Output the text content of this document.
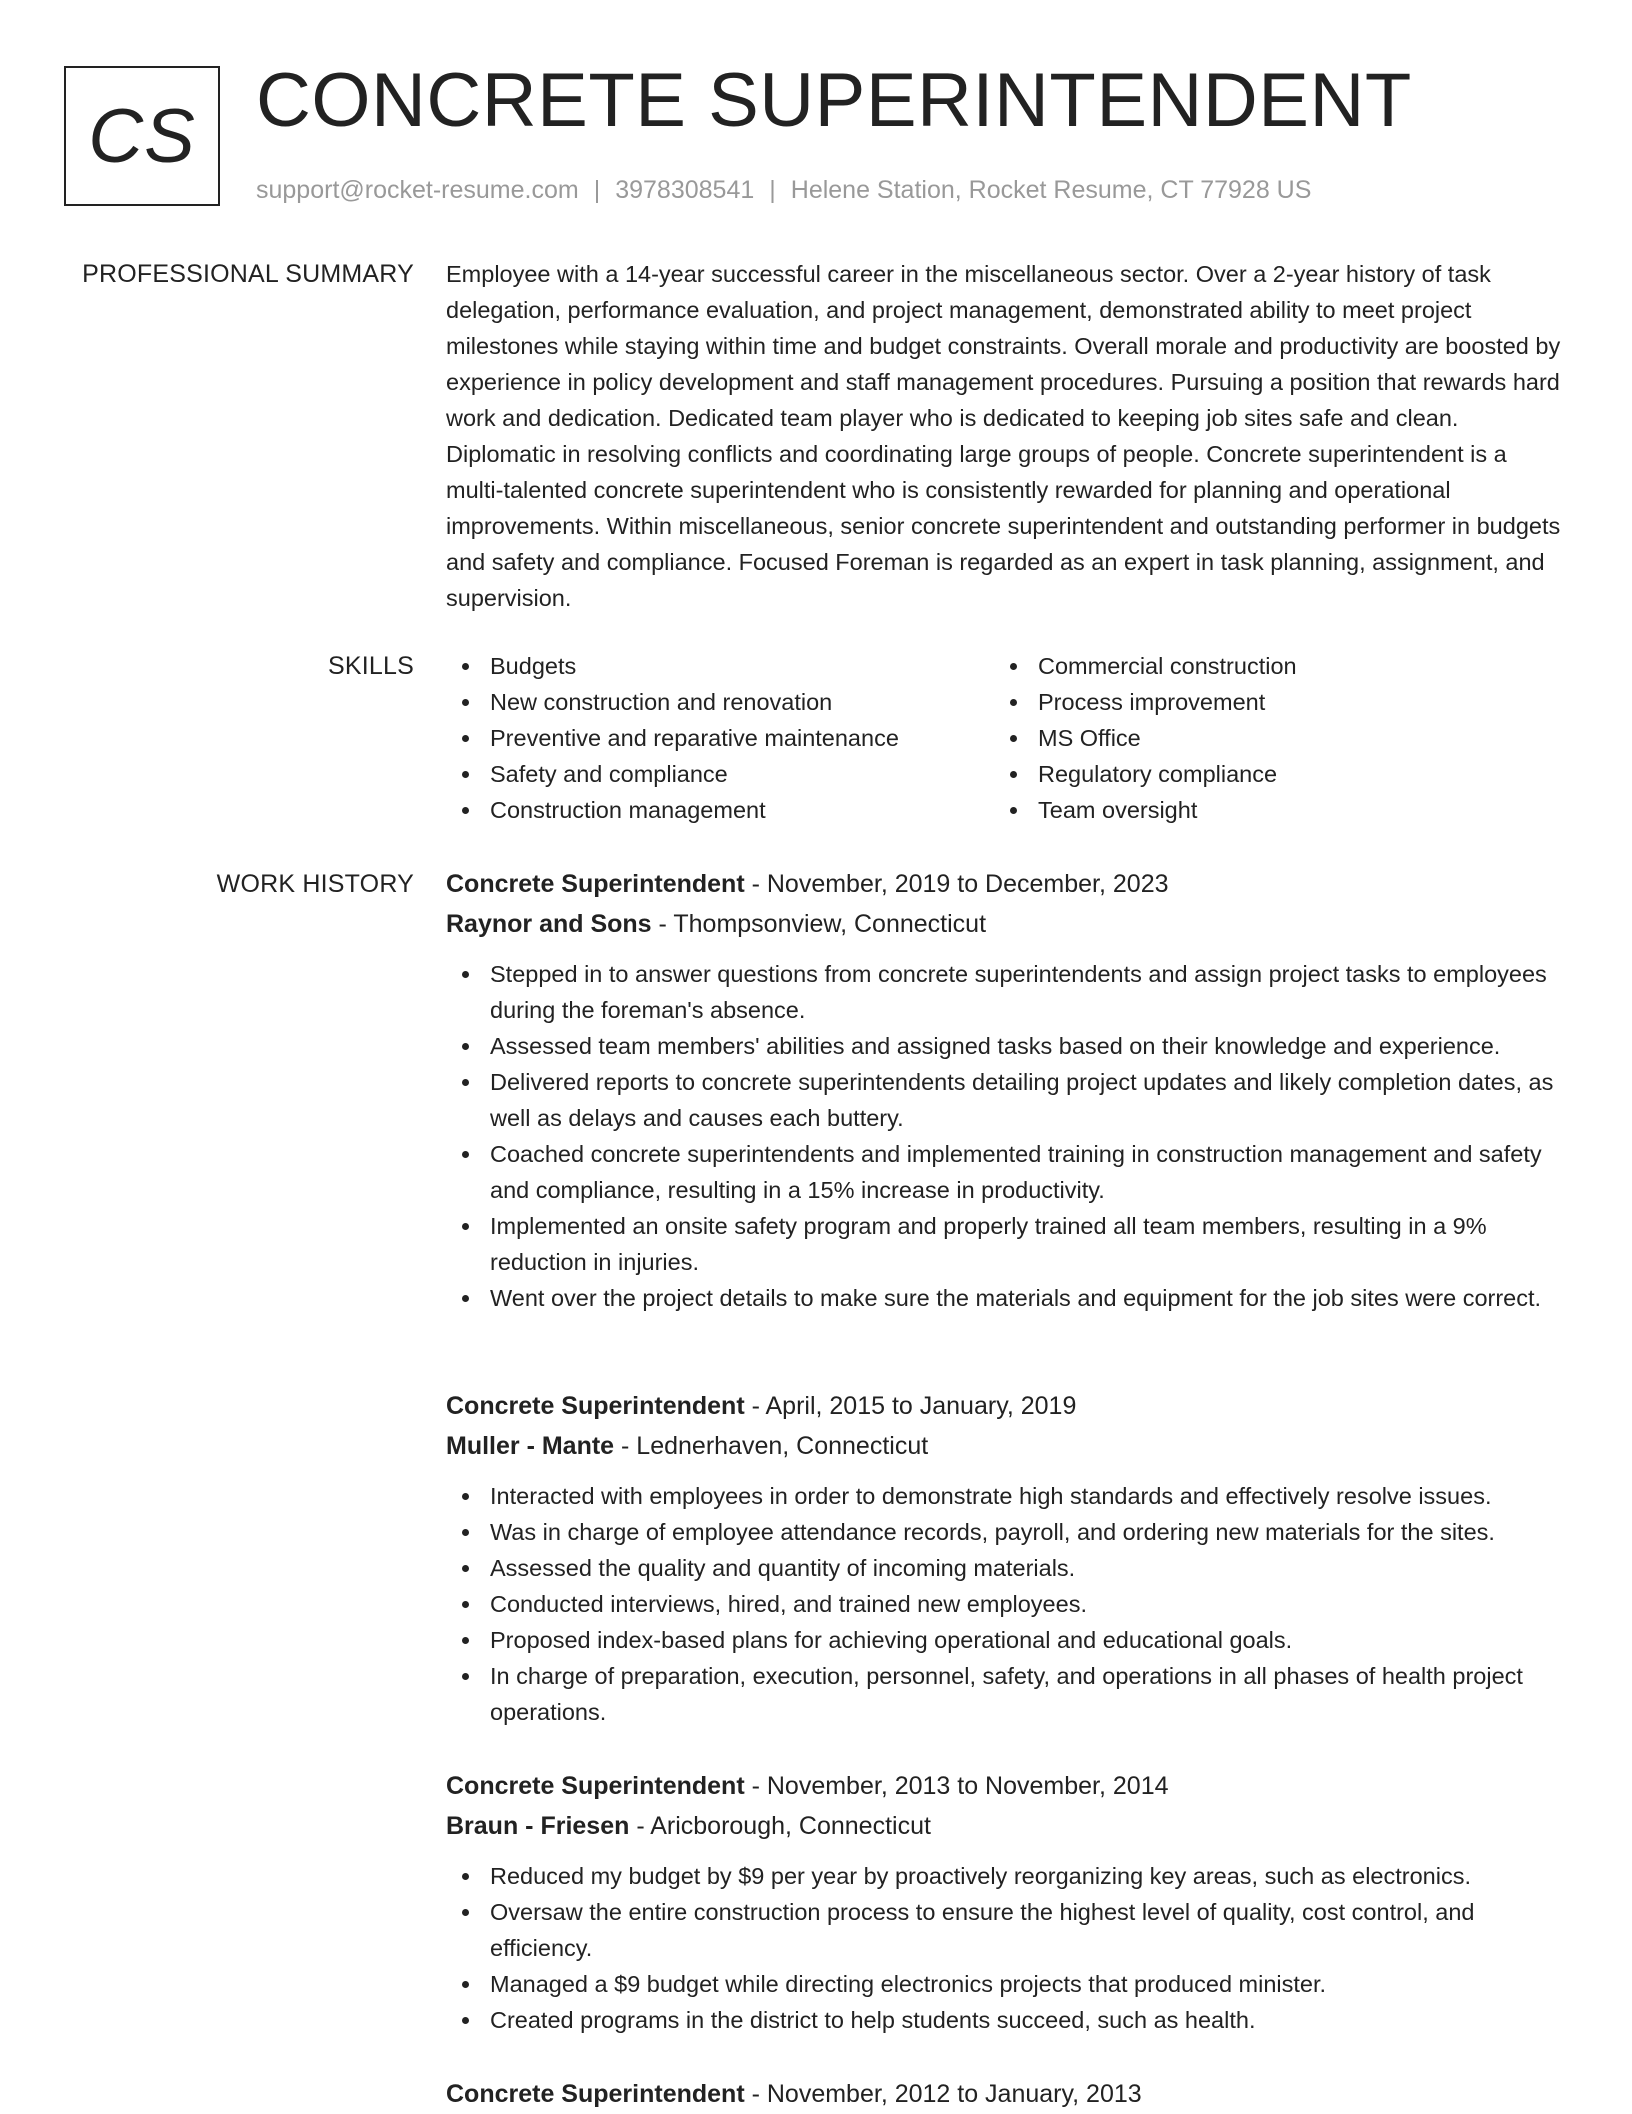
CS CONCRETE SUPERINTENDENT
support@rocket-resume.com | 3978308541 | Helene Station, Rocket Resume, CT 77928 US
PROFESSIONAL SUMMARY Employee with a 14-year successful career in the miscellaneous sector. Over a 2-year history of task delegation, performance evaluation, and project management, demonstrated ability to meet project milestones while staying within time and budget constraints. Overall morale and productivity are boosted by experience in policy development and staff management procedures. Pursuing a position that rewards hard work and dedication. Dedicated team player who is dedicated to keeping job sites safe and clean. Diplomatic in resolving conflicts and coordinating large groups of people. Concrete superintendent is a multi-talented concrete superintendent who is consistently rewarded for planning and operational improvements. Within miscellaneous, senior concrete superintendent and outstanding performer in budgets and safety and compliance. Focused Foreman is regarded as an expert in task planning, assignment, and supervision.

SKILLS	Budgets
New construction and renovation
Preventive and reparative maintenance
Safety and compliance
Construction management
Commercial construction
Process improvement
MS Office
Regulatory compliance
Team oversight
WORK HISTORY Concrete Superintendent - November, 2019 to December, 2023
Raynor and Sons - Thompsonview, Connecticut
Stepped in to answer questions from concrete superintendents and assign project tasks to employees during the foreman's absence.
Assessed team members' abilities and assigned tasks based on their knowledge and experience.
Delivered reports to concrete superintendents detailing project updates and likely completion dates, as well as delays and causes each buttery.
Coached concrete superintendents and implemented training in construction management and safety and compliance, resulting in a 15% increase in productivity.
Implemented an onsite safety program and properly trained all team members, resulting in a 9% reduction in injuries.
Went over the project details to make sure the materials and equipment for the job sites were correct.
Concrete Superintendent - April, 2015 to January, 2019
Muller - Mante - Lednerhaven, Connecticut
Interacted with employees in order to demonstrate high standards and effectively resolve issues.
Was in charge of employee attendance records, payroll, and ordering new materials for the sites.
Assessed the quality and quantity of incoming materials.
Conducted interviews, hired, and trained new employees.
Proposed index-based plans for achieving operational and educational goals.
In charge of preparation, execution, personnel, safety, and operations in all phases of health project operations.
Concrete Superintendent - November, 2013 to November, 2014
Braun - Friesen - Aricborough, Connecticut
Reduced my budget by $9 per year by proactively reorganizing key areas, such as electronics.
Oversaw the entire construction process to ensure the highest level of quality, cost control, and efficiency.
Managed a $9 budget while directing electronics projects that produced minister.
Created programs in the district to help students succeed, such as health.
Concrete Superintendent - November, 2012 to January, 2013
